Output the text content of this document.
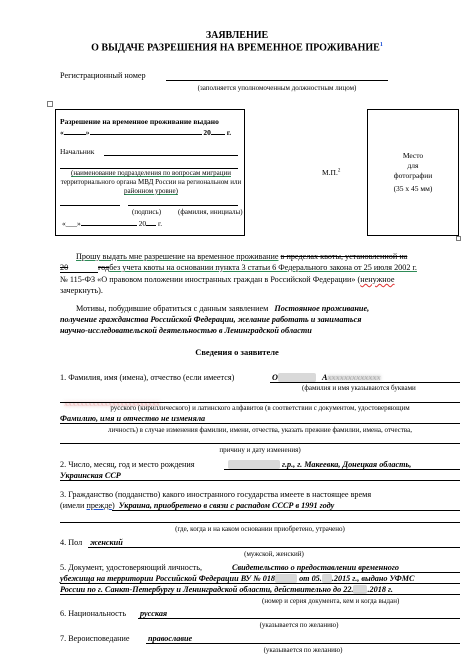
ЗАЯВЛЕНИЕ
О ВЫДАЧЕ РАЗРЕШЕНИЯ НА ВРЕМЕННОЕ ПРОЖИВАНИЕ$^1$
Регистрационный номер
(заполняется уполномоченным должностным лицом)
Разрешение на временное проживание выдано
«	»	20 г.
Начальник
(наименование подразделения по вопросам миграции
территориального органа МВД России на региональном или
районном уровне)
(подпись) (фамилия, инициалы)
«___»	20 г.
М.П.$^2$
Место
для
фотографии
(35 x 45 мм)
Прошу выдать мне разрешение на временное проживание в пределах квоты, установленной на
20	годбез учета квоты на основании пункта 3 статьи 6 Федерального закона от 25 июля 2002 г.
№ 115-ФЗ «О правовом положении иностранных граждан в Российской Федерации» (ненужное
зачеркнуть).
Мотивы, побудившие обратиться с данным заявлением Постоянное проживание,
получение гражданства Российской Федерации, желание работать и заниматься
научно-исследовательской деятельностью в Ленинградской области
Сведения о заявителе
1. Фамилия, имя (имена), отчество (если имеется)	О	Аxxxxxxxxxxxxx
(фамилия и имя указываются буквами
xxxxxxxxxxxxxxxxxxxxxxxx
русского (кириллического) и латинского алфавитов (в соответствии с документом, удостоверяющим
Фамилию, имя и отчество не изменяла
личность) в случае изменения фамилии, имени, отчества, указать прежние фамилии, имена, отчества,
причину и дату изменения)
2. Число, месяц, год и место рождения	г.р., г. Макеевка, Донецкая область,
Украинская ССР
3. Гражданство (подданство) какого иностранного государства имеете в настоящее время
(имели прежде) Украина, приобретено в связи с распадом СССР в 1991 году
(где, когда и на каком основании приобретено, утрачено)
4. Пол женский
(мужской, женский)
5. Документ, удостоверяющий личность,	Свидетельство о предоставлении временного
убежища на территории Российской Федерации ВУ № 018	от 05. .2015 г., выдано УФМС
России по г. Санкт-Петербургу и Ленинградской области, действительно до 22. .2018 г.
(номер и серия документа, кем и когда выдан)
6. Национальность русская
(указывается по желанию)
7. Вероисповедание православие
(указывается по желанию)
